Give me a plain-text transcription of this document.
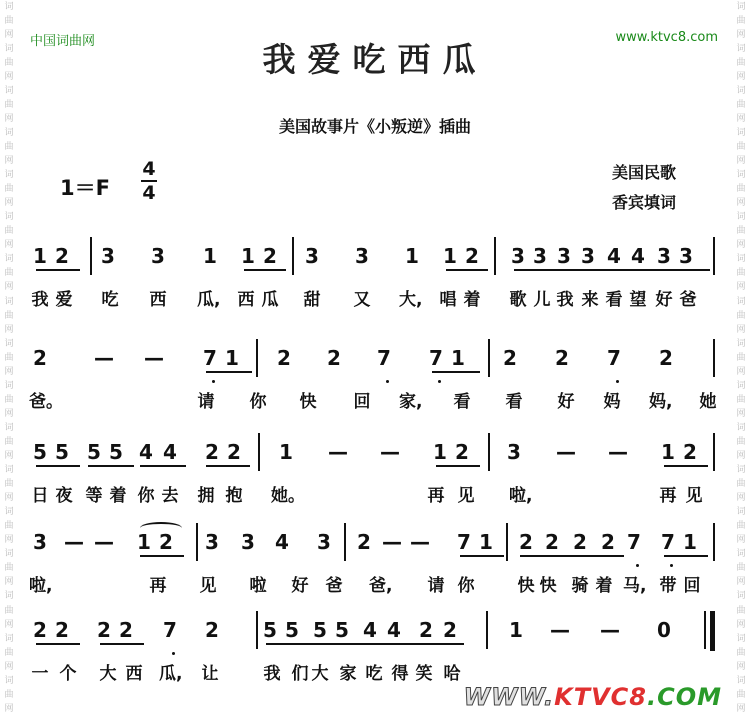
中国词曲网	www.ktvc8.com
词
曲
网
词
曲
网
词
曲
网
词
曲
网
词
曲
网
词
曲
网
词
曲
网
词
曲
网
词
曲
网
词
曲
网
词
曲
网
词
曲
网
词
曲
网
词
曲
网
词
曲
网
词
曲
网
词
曲
网
词
曲
网
词
曲
网
词
曲
网
词
曲
网
词
曲
网
词
曲
网
词
曲
网
词
曲
网
词
曲
网
词
曲
网
词
曲
网
词
曲
网
词
曲
网
词
曲
网
词
曲
网
词
曲
网
词
曲
网
我爱吃西瓜
美国故事片《小叛逆》插曲
1＝F
4
4
美国民歌
香宾填词
1 2 3 3 1 1 2 3 3 1 1 2 3 3 3 3 4 4 3 3
我 爱 吃 西 瓜, 西 瓜 甜 又 大, 唱 着 歌 儿 我 来 看 望 好 爸
2 — — 7 1 2 2 7 7 1 2 2 7 2
爸。	请 你 快 回 家, 看 看 好 妈 妈, 她
5 5 5 5 4 4 2 2 1 — — 1 2 3 — — 1 2
日 夜 等 着 你 去 拥 抱 她。	再 见 啦,	再 见
3 — — 1 2 3 3 4 3 2 — — 7 1 2 2 2 2 7 7 1
啦,	再 见 啦 好 爸 爸, 请 你	快 快 骑 着 马, 带 回
2 2 2 2 7 2 5 5 5 5 4 4 2 2	1 — — 0
一 个 大 西 瓜, 让	我 们 大 家 吃 得 笑 哈
WWW.KTVC8.COM
